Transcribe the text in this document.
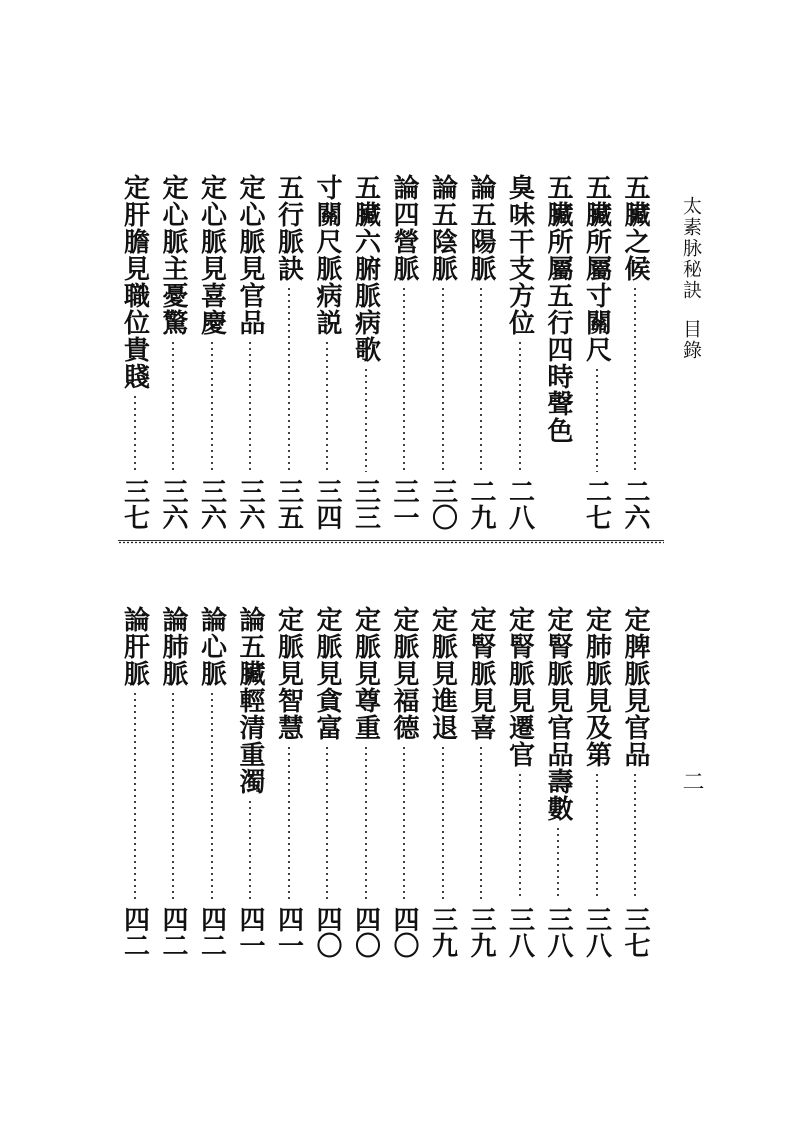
太素脉秘訣目錄
二
五臟之候
二六
五臟所屬寸關尺
二七
五臟所屬五行四時聲色
臭味干支方位
二八
論五陽脈
二九
論五陰脈
三〇
論四營脈
三一
五臟六腑脈病歌
三三
寸關尺脈病説
三四
五行脈訣
三五
定心脈見官品
三六
定心脈見喜慶
三六
定心脈主憂驚
三六
定肝膽見職位貴賤
三七
定脾脈見官品
三七
定肺脈見及第
三八
定腎脈見官品壽數
三八
定腎脈見遷官
三八
定腎脈見喜
三九
定脈見進退
三九
定脈見福德
四〇
定脈見尊重
四〇
定脈見貪富
四〇
定脈見智慧
四一
論五臟輕清重濁
四一
論心脈
四二
論肺脈
四二
論肝脈
四二
